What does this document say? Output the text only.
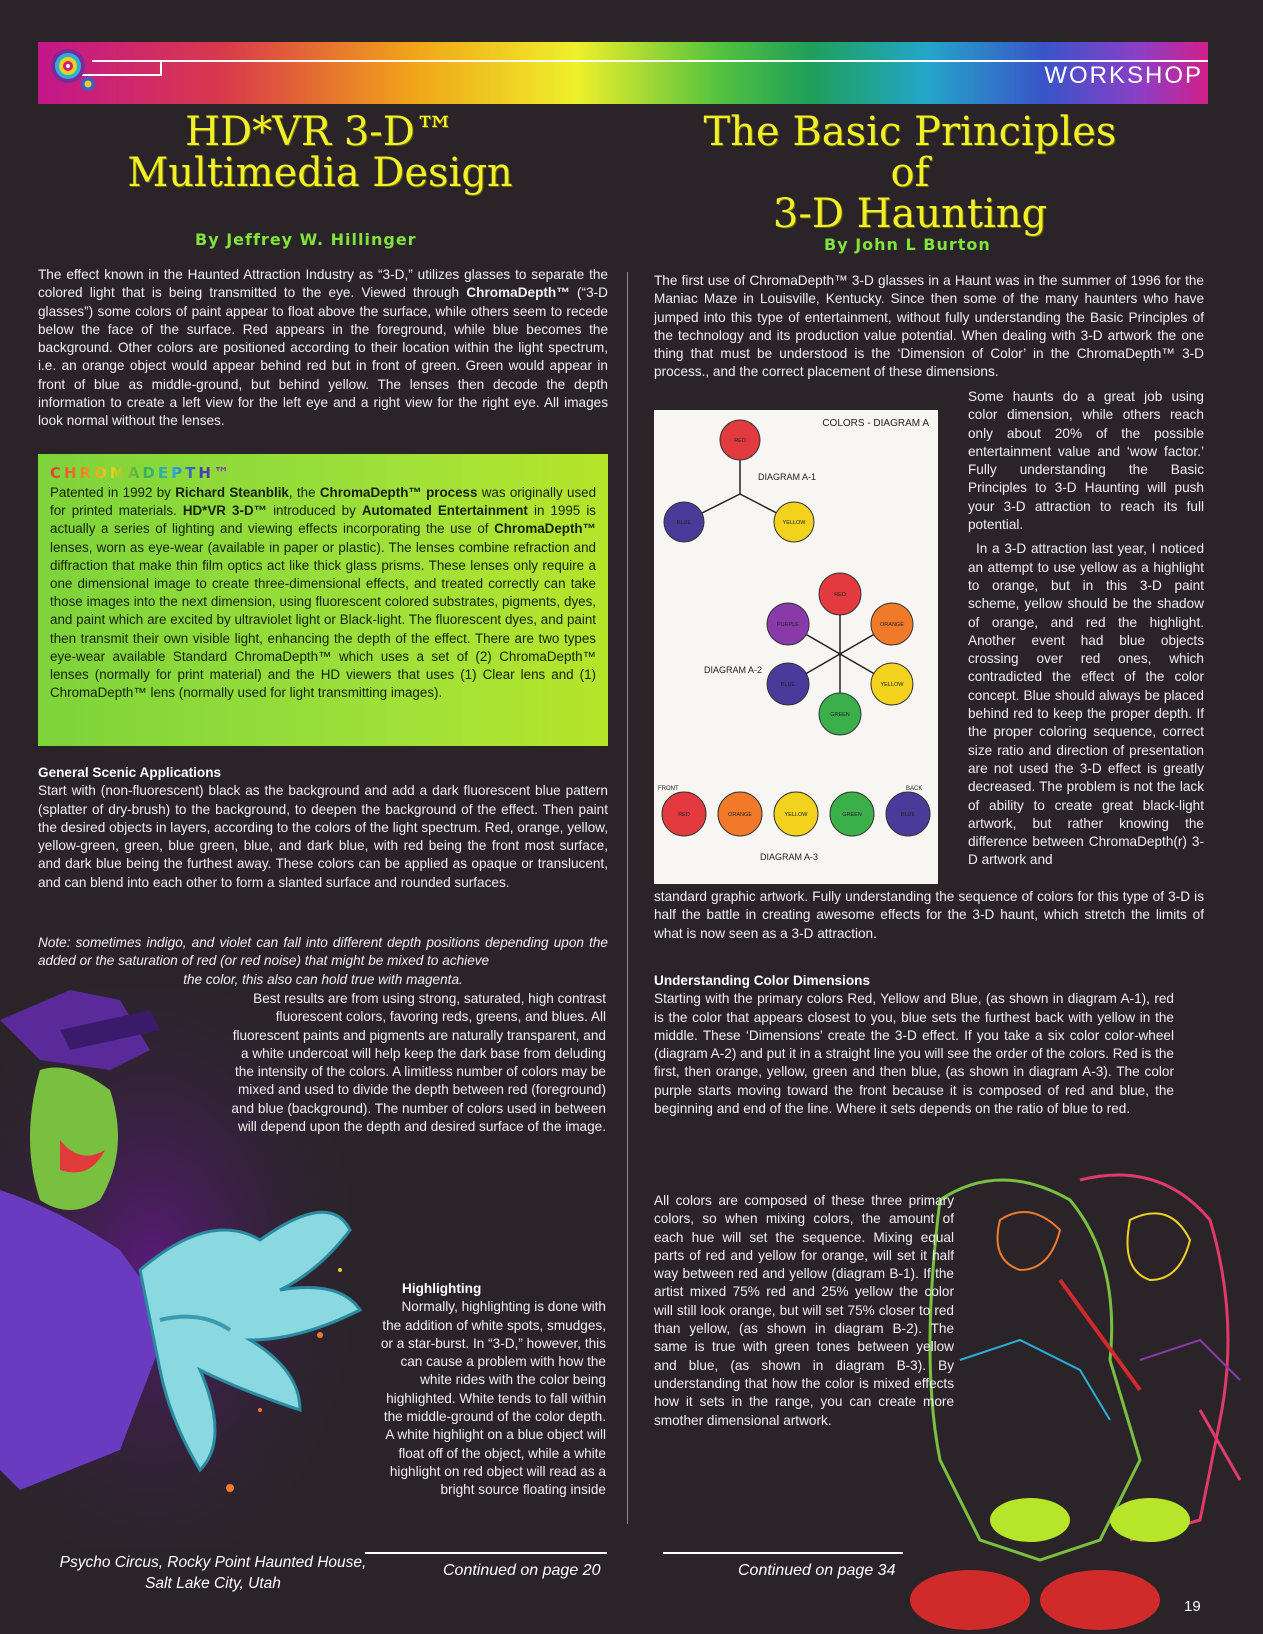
WORKSHOP
HD*VR 3-D™
Multimedia Design
By Jeffrey W. Hillinger
The Basic Principles of
3-D Haunting
By John L Burton
The effect known in the Haunted Attraction Industry as “3-D,” utilizes glasses to separate the colored light that is being transmitted to the eye. Viewed through ChromaDepth™ (“3-D glasses”) some colors of paint appear to float above the surface, while others seem to recede below the face of the surface. Red appears in the foreground, while blue becomes the background. Other colors are positioned according to their location within the light spectrum, i.e. an orange object would appear behind red but in front of green. Green would appear in front of blue as middle-ground, but behind yellow. The lenses then decode the depth information to create a left view for the left eye and a right view for the right eye. All images look normal without the lenses.
CHROMADEPTH™
Patented in 1992 by Richard Steanblik, the ChromaDepth™ process was originally used for printed materials. HD*VR 3-D™ introduced by Automated Entertainment in 1995 is actually a series of lighting and viewing effects incorporating the use of ChromaDepth™ lenses, worn as eye-wear (available in paper or plastic). The lenses combine refraction and diffraction that make thin film optics act like thick glass prisms. These lenses only require a one dimensional image to create three-dimensional effects, and treated correctly can take those images into the next dimension, using fluorescent colored substrates, pigments, dyes, and paint which are excited by ultraviolet light or Black-light. The fluorescent dyes, and paint then transmit their own visible light, enhancing the depth of the effect. There are two types eye-wear available Standard ChromaDepth™ which uses a set of (2) ChromaDepth™ lenses (normally for print material) and the HD viewers that uses (1) Clear lens and (1) ChromaDepth™ lens (normally used for light transmitting images).
General Scenic Applications
Start with (non-fluorescent) black as the background and add a dark fluorescent blue pattern (splatter of dry-brush) to the background, to deepen the background of the effect. Then paint the desired objects in layers, according to the colors of the light spectrum. Red, orange, yellow, yellow-green, green, blue green, blue, and dark blue, with red being the front most surface, and dark blue being the furthest away. These colors can be applied as opaque or translucent, and can blend into each other to form a slanted surface and rounded surfaces.
Note: sometimes indigo, and violet can fall into different depth positions depending upon the added or the saturation of red (or red noise) that might be mixed to achieve
the color, this also can hold true with magenta.
Best results are from using strong, saturated, high contrast fluorescent colors, favoring reds, greens, and blues. All fluorescent paints and pigments are naturally transparent, and a white undercoat will help keep the dark base from deluding the intensity of the colors. A limitless number of colors may be mixed and used to divide the depth between red (foreground) and blue (background). The number of colors used in between will depend upon the depth and desired surface of the image.
Highlighting
Normally, highlighting is done with the addition of white spots, smudges, or a star-burst. In “3-D,” however, this can cause a problem with how the white rides with the color being highlighted. White tends to fall within the middle-ground of the color depth. A white highlight on a blue object will float off of the object, while a white highlight on red object will read as a bright source floating inside
Continued on page 20
Psycho Circus, Rocky Point Haunted House, Salt Lake City, Utah
The first use of ChromaDepth™ 3-D glasses in a Haunt was in the summer of 1996 for the Maniac Maze in Louisville, Kentucky. Since then some of the many haunters who have jumped into this type of entertainment, without fully understanding the Basic Principles of the technology and its production value potential. When dealing with 3-D artwork the one thing that must be understood is the ‘Dimension of Color’ in the ChromaDepth™ 3-D process., and the correct placement of these dimensions.
COLORS - DIAGRAM A
DIAGRAM A-1
DIAGRAM A-2
DIAGRAM A-3
FRONT	BACK
RED
BLUE	YELLOW
RED
ORANGE
YELLOW
GREEN
BLUE
PURPLE
RED	ORANGE	YELLOW	GREEN	BLUE

Some haunts do a great job using color dimension, while others reach only about 20% of the possible entertainment value and ‘wow factor.’ Fully understanding the Basic Principles to 3-D Haunting will push your 3-D attraction to reach its full potential.

In a 3-D attraction last year, I noticed an attempt to use yellow as a highlight to orange, but in this 3-D paint scheme, yellow should be the shadow of orange, and red the highlight. Another event had blue objects crossing over red ones, which contradicted the effect of the color concept. Blue should always be placed behind red to keep the proper depth. If the proper coloring sequence, correct size ratio and direction of presentation are not used the 3-D effect is greatly decreased. The problem is not the lack of ability to create great black-light artwork, but rather knowing the difference between ChromaDepth(r) 3-D artwork and

standard graphic artwork. Fully understanding the sequence of colors for this type of 3-D is half the battle in creating awesome effects for the 3-D haunt, which stretch the limits of what is now seen as a 3-D attraction.
Understanding Color Dimensions
Starting with the primary colors Red, Yellow and Blue, (as shown in diagram A-1), red is the color that appears closest to you, blue sets the furthest back with yellow in the middle. These ‘Dimensions’ create the 3-D effect. If you take a six color color-wheel (diagram A-2) and put it in a straight line you will see the order of the colors. Red is the first, then orange, yellow, green and then blue, (as shown in diagram A-3). The color purple starts moving toward the front because it is composed of red and blue, the beginning and end of the line. Where it sets depends on the ratio of blue to red.
All colors are composed of these three primary colors, so when mixing colors, the amount of each hue will set the sequence. Mixing equal parts of red and yellow for orange, will set it half way between red and yellow (diagram B-1). If the artist mixed 75% red and 25% yellow the color will still look orange, but will set 75% closer to red than yellow, (as shown in diagram B-2). The same is true with green tones between yellow and blue, (as shown in diagram B-3). By understanding that how the color is mixed effects how it sets in the range, you can create more smother dimensional artwork.
Continued on page 34
19
